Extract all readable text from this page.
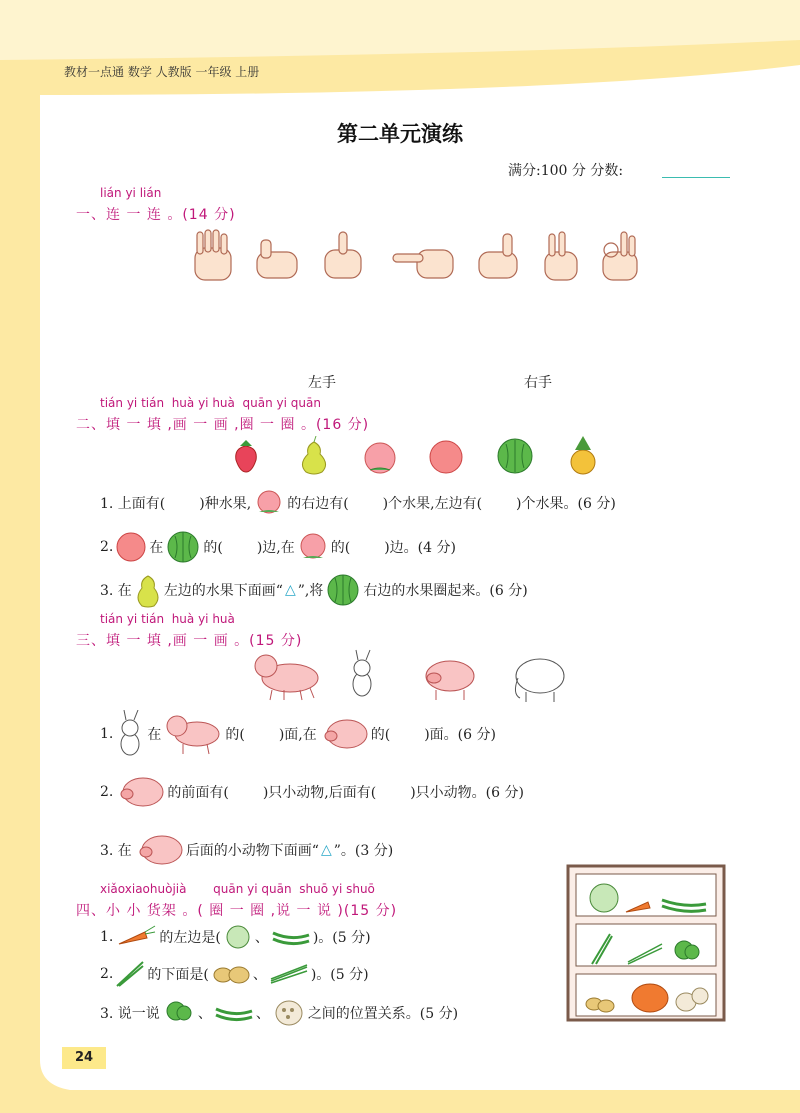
教材一点通 数学 人教版 一年级 上册
第二单元演练
满分:100 分 分数:
lián yi lián
一、连 一 连 。(14 分)
左手	右手
tián yi tián  huà yi huà  quān yi quān
二、填 一 填 ,画 一 画 ,圈 一 圈 。(16 分)
1. 上面有( )种水果,	的右边有( )个水果,左边有( )个水果。(6 分)
2.	在	的( )边,在	的( )边。(4 分)
3. 在 左边的水果下面画“ △ ”,将	右边的水果圈起来。(6 分)
tián yi tián  huà yi huà
三、填 一 填 ,画 一 画 。(15 分)
1. 在	的( )面,在	的( )面。(6 分)
2.	的前面有( )只小动物,后面有( )只小动物。(6 分)
3. 在	后面的小动物下面画“ △ ”。(3 分)
xiǎoxiaohuòjià       quān yi quān  shuō yi shuō
四、小 小 货架 。( 圈 一 圈 ,说 一 说 )(15 分)
1.	的左边是( 、	)。(5 分)
2. 的下面是(	、	)。(5 分)
3. 说一说	、	、	之间的位置关系。(5 分)
24
